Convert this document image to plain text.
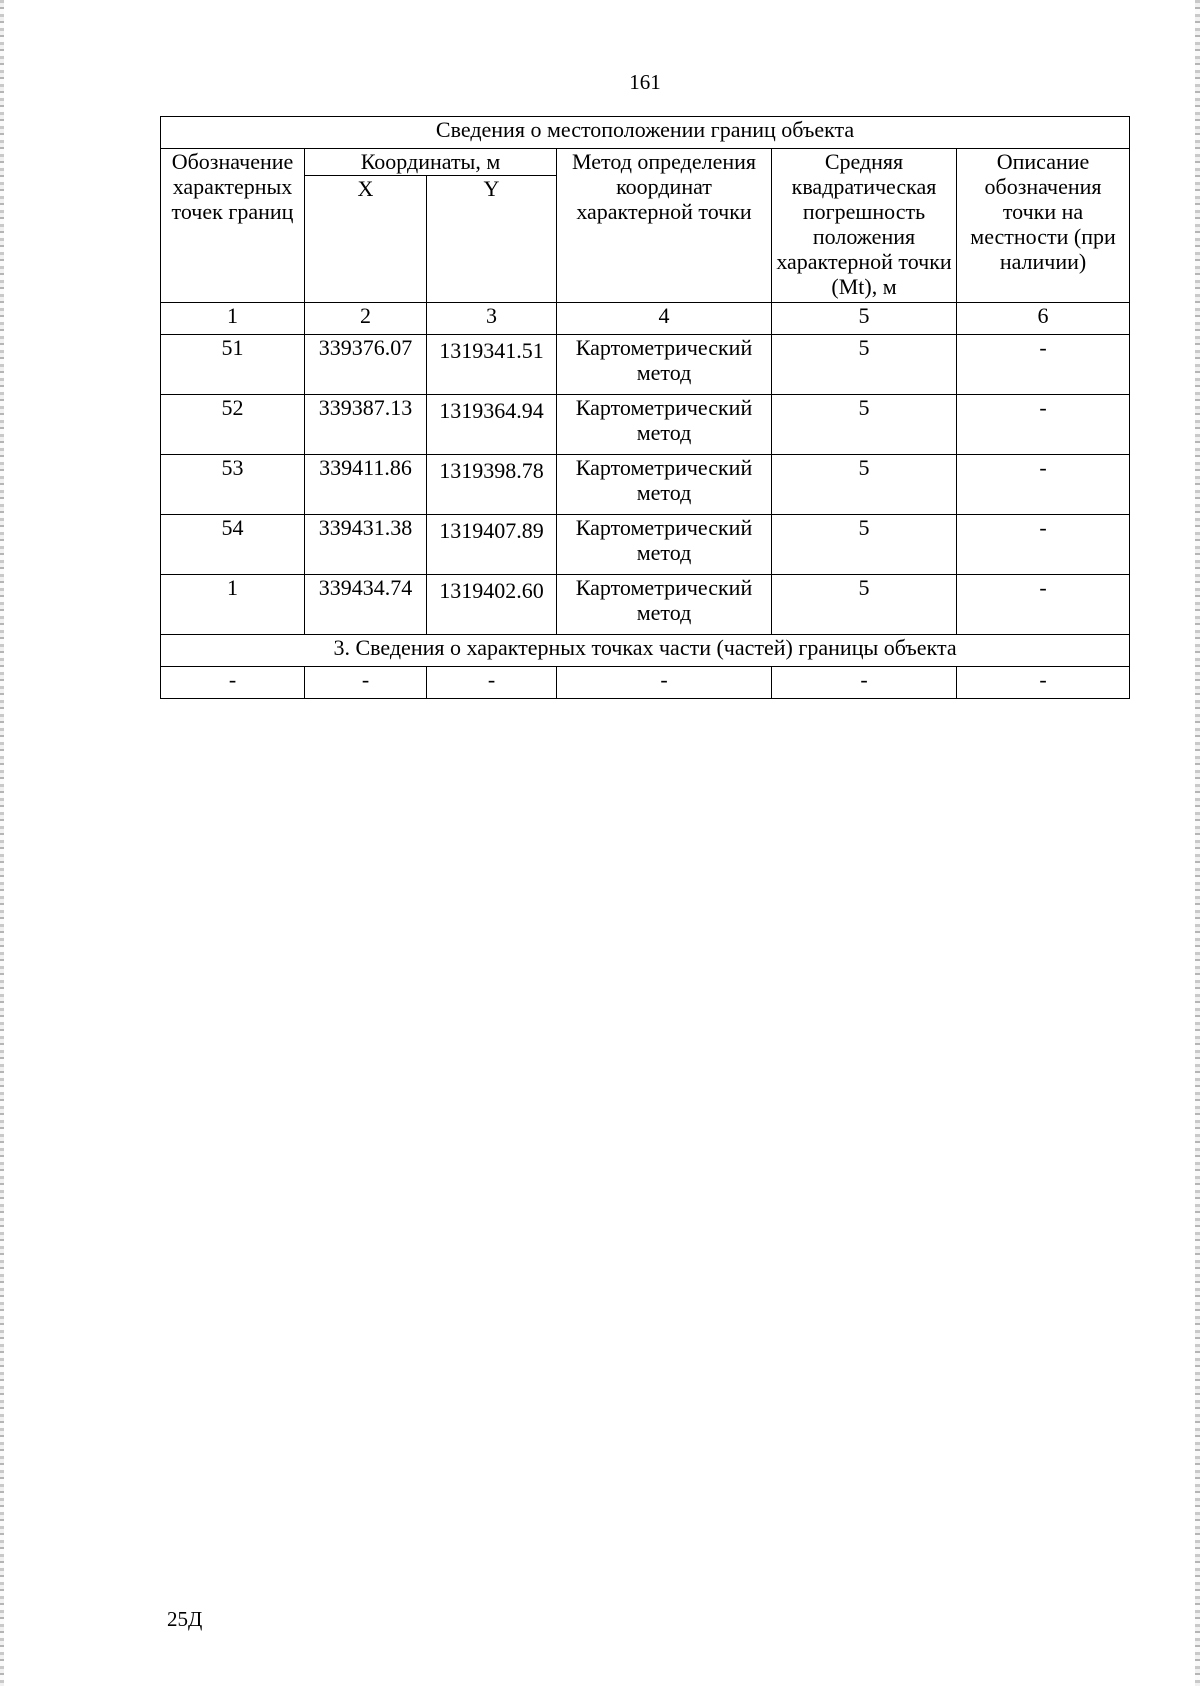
161
Сведения о местоположении границ объекта					
Обозначение характерных точек границ	Координаты, м		Метод определения координат характерной точки	Средняя квадратическая погрешность положения характерной точки (Mt), м	Описание обозначения точки на местности (при наличии)
	X	Y			
1	2	3	4	5	6
51	339376.07	1319341.51	Картометрический метод	5	-
52	339387.13	1319364.94	Картометрический метод	5	-
53	339411.86	1319398.78	Картометрический метод	5	-
54	339431.38	1319407.89	Картометрический метод	5	-
1	339434.74	1319402.60	Картометрический метод	5	-
3. Сведения о характерных точках части (частей) границы объекта					
-	-	-	-	-	-
25Д
